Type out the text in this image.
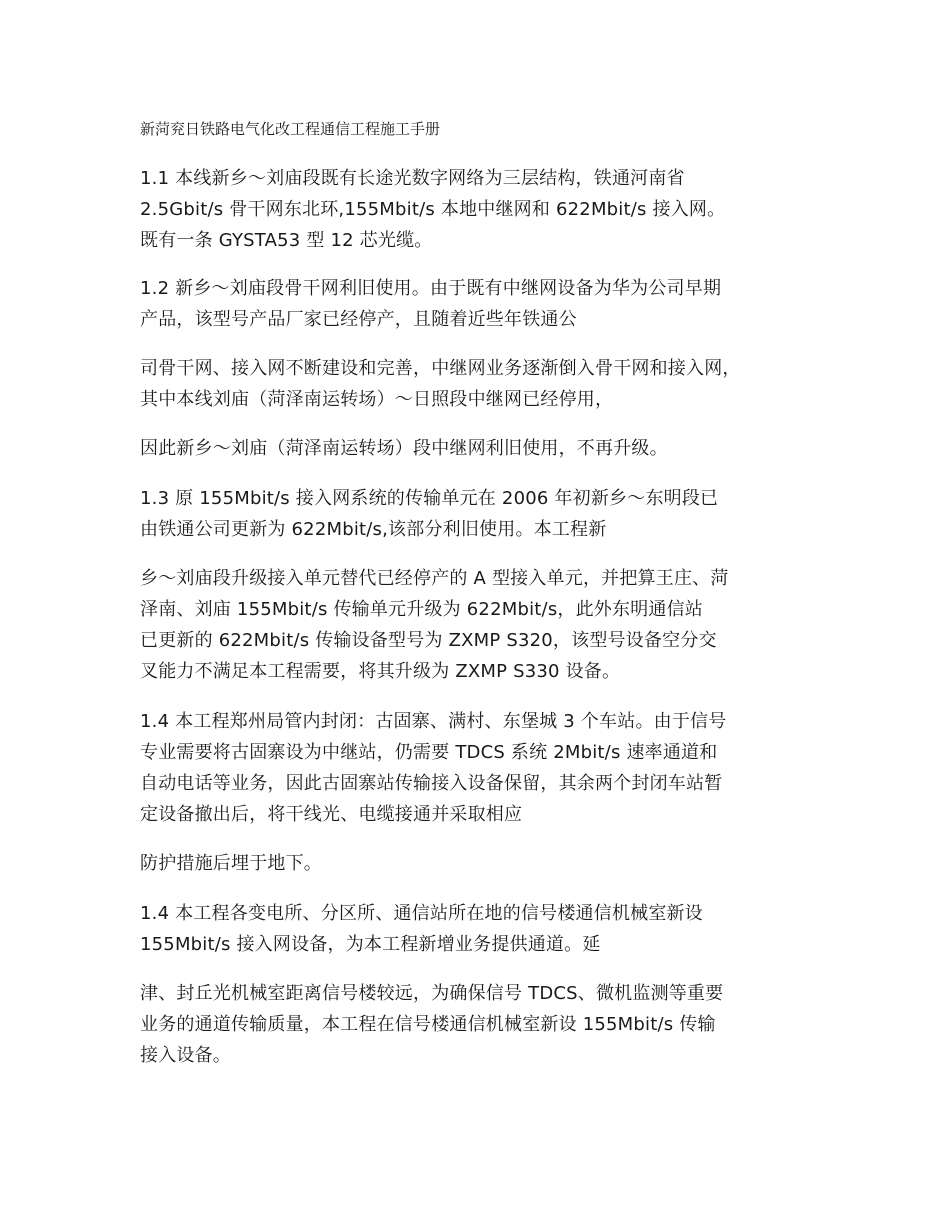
新菏兖日铁路电气化改工程通信工程施工手册
1.1 本线新乡～刘庙段既有长途光数字网络为三层结构，铁通河南省
2.5Gbit/s 骨干网东北环,155Mbit/s 本地中继网和 622Mbit/s 接入网。
既有一条 GYSTA53 型 12 芯光缆。
1.2 新乡～刘庙段骨干网利旧使用。由于既有中继网设备为华为公司早期
产品，该型号产品厂家已经停产，且随着近些年铁通公
司骨干网、接入网不断建设和完善，中继网业务逐渐倒入骨干网和接入网，
其中本线刘庙（菏泽南运转场）～日照段中继网已经停用，
因此新乡～刘庙（菏泽南运转场）段中继网利旧使用，不再升级。
1.3 原 155Mbit/s 接入网系统的传输单元在 2006 年初新乡～东明段已
由铁通公司更新为 622Mbit/s,该部分利旧使用。本工程新
乡～刘庙段升级接入单元替代已经停产的 A 型接入单元，并把算王庄、菏
泽南、刘庙 155Mbit/s 传输单元升级为 622Mbit/s，此外东明通信站
已更新的 622Mbit/s 传输设备型号为 ZXMP S320，该型号设备空分交
叉能力不满足本工程需要，将其升级为 ZXMP S330 设备。
1.4 本工程郑州局管内封闭：古固寨、满村、东堡城 3 个车站。由于信号
专业需要将古固寨设为中继站，仍需要 TDCS 系统 2Mbit/s 速率通道和
自动电话等业务，因此古固寨站传输接入设备保留，其余两个封闭车站暂
定设备撤出后，将干线光、电缆接通并采取相应
防护措施后埋于地下。
1.4 本工程各变电所、分区所、通信站所在地的信号楼通信机械室新设
155Mbit/s 接入网设备，为本工程新增业务提供通道。延
津、封丘光机械室距离信号楼较远，为确保信号 TDCS、微机监测等重要
业务的通道传输质量，本工程在信号楼通信机械室新设 155Mbit/s 传输
接入设备。
